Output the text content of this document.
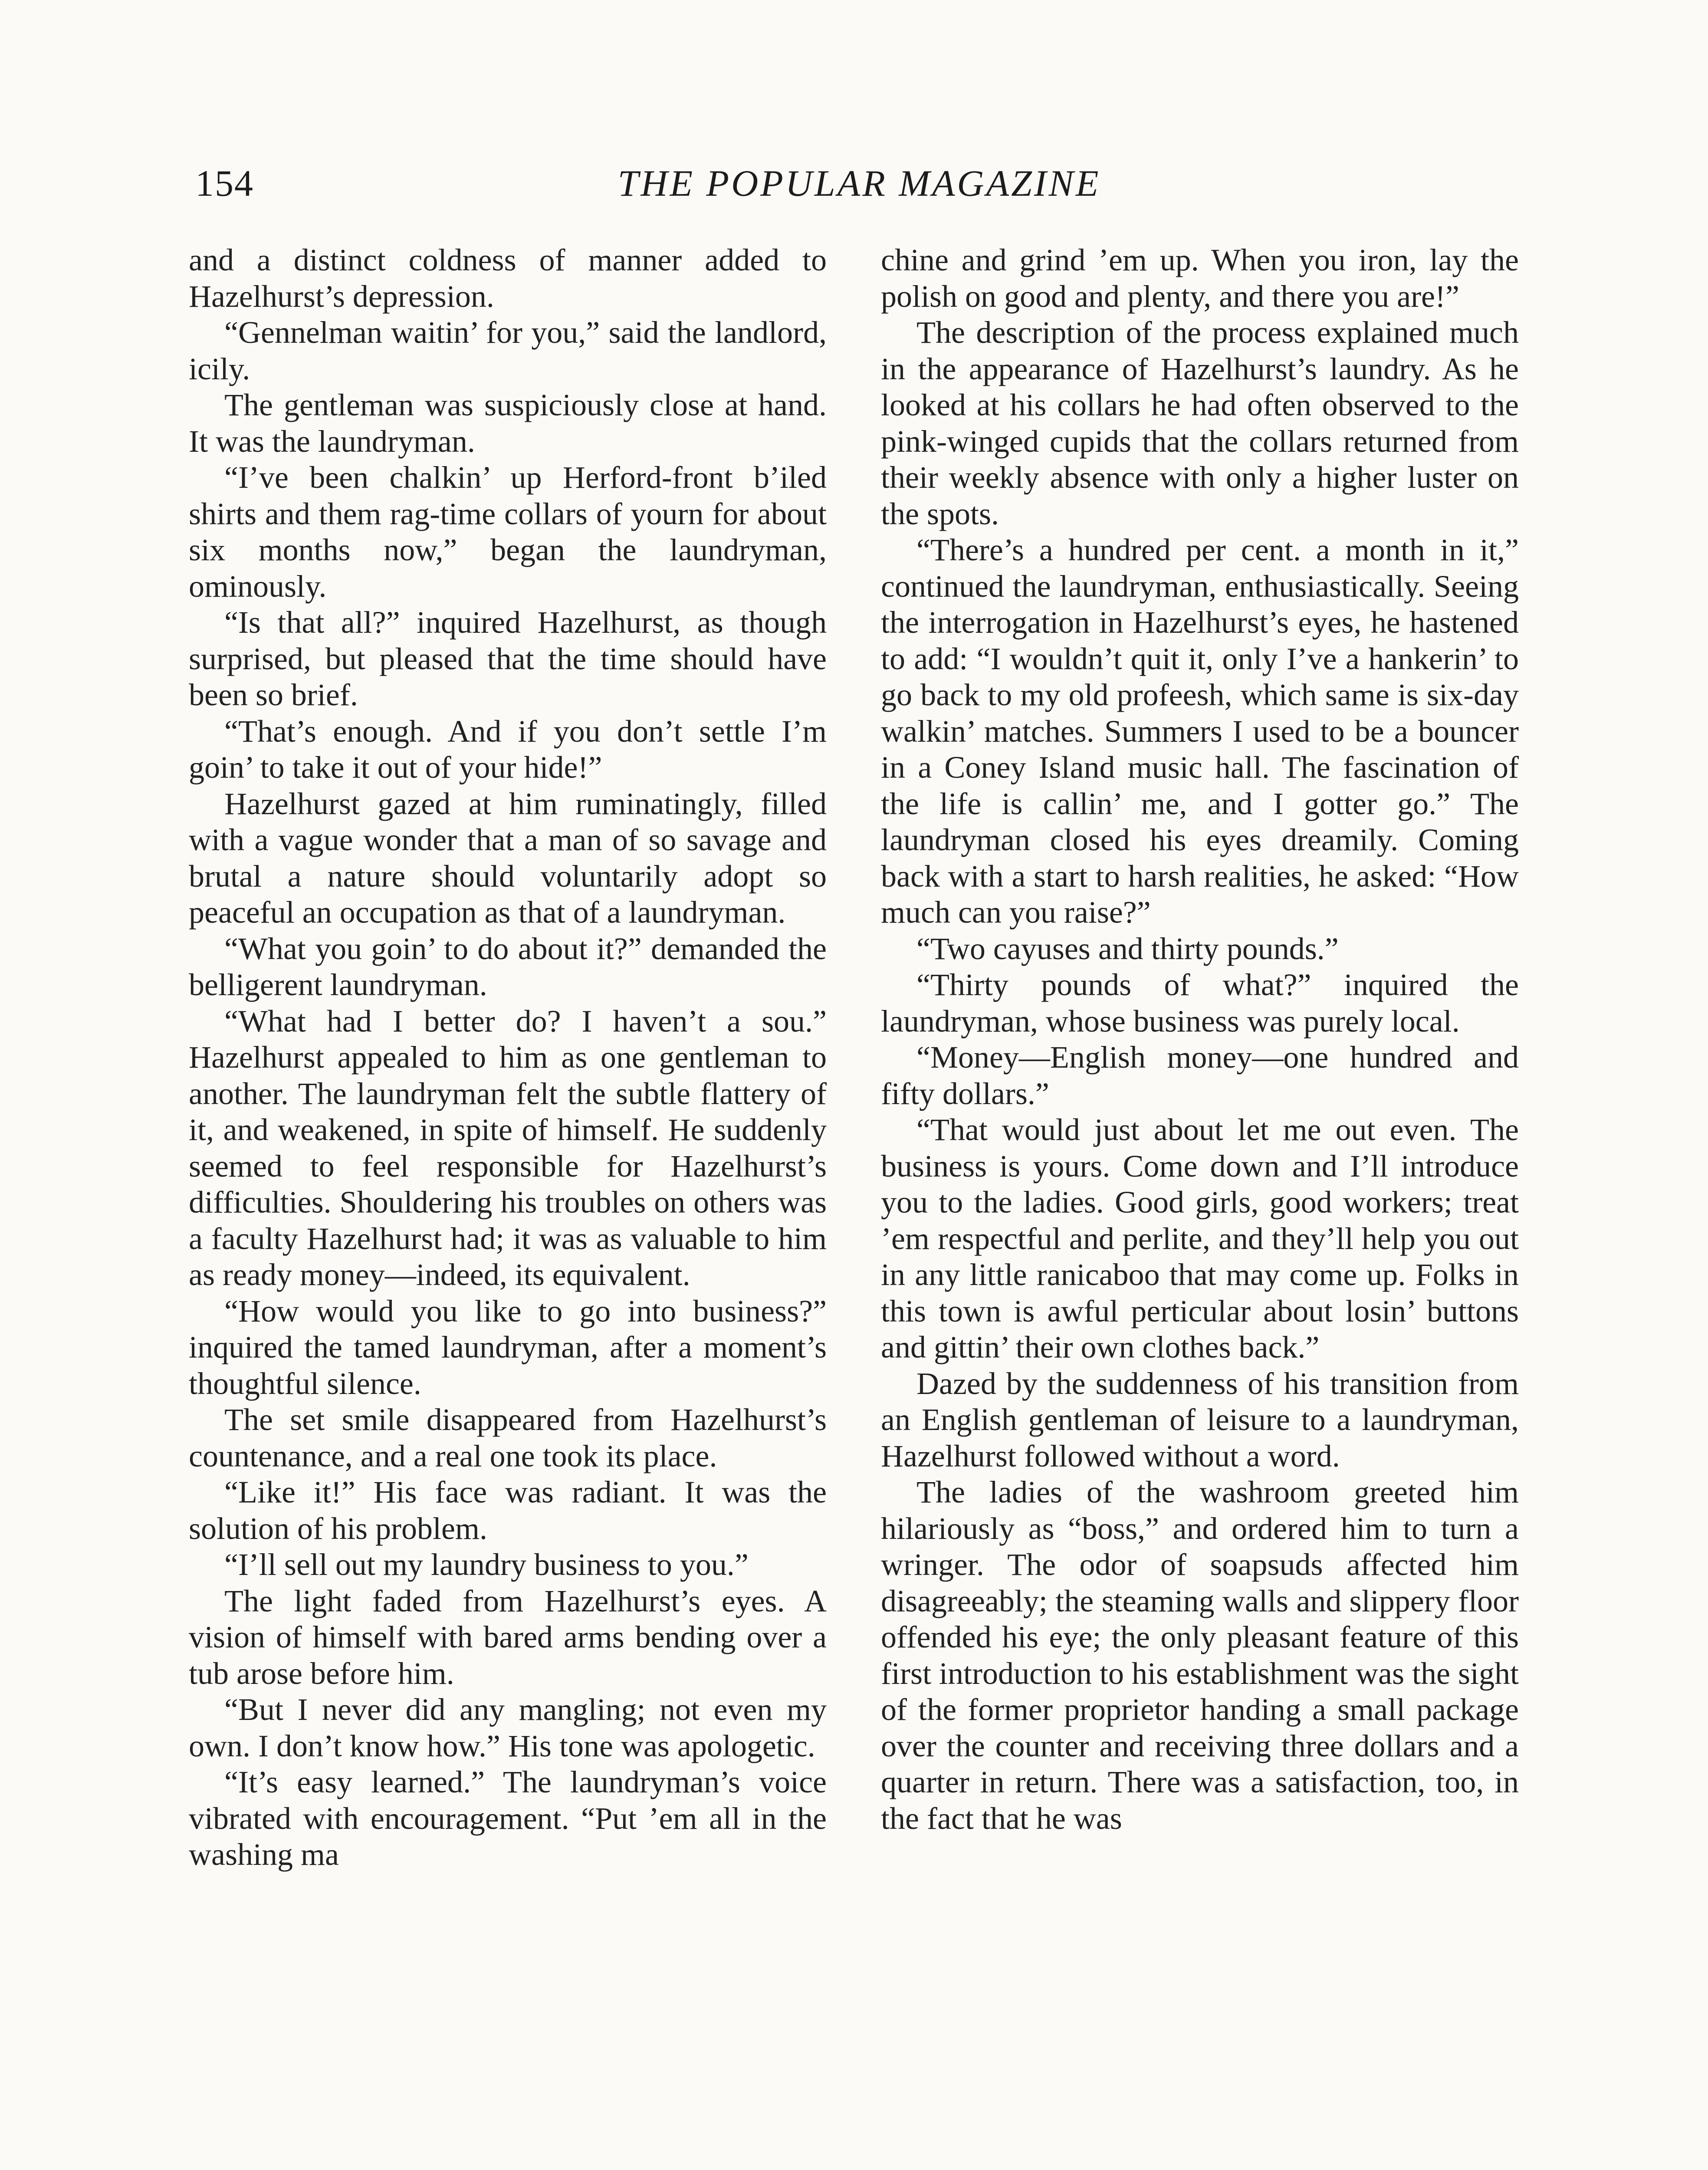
154	THE POPULAR MAGAZINE

and a distinct coldness of manner added to Hazelhurst’s depression.

“Gennelman waitin’ for you,” said the landlord, icily.

The gentleman was suspiciously close at hand. It was the laundryman.

“I’ve been chalkin’ up Herford-front b’iled shirts and them rag-time collars of yourn for about six months now,” began the laundryman, ominously.

“Is that all?” inquired Hazelhurst, as though surprised, but pleased that the time should have been so brief.

“That’s enough. And if you don’t settle I’m goin’ to take it out of your hide!”

Hazelhurst gazed at him ruminatingly, filled with a vague wonder that a man of so savage and brutal a nature should voluntarily adopt so peaceful an occupation as that of a laundryman.

“What you goin’ to do about it?” demanded the belligerent laundryman.

“What had I better do? I haven’t a sou.” Hazelhurst appealed to him as one gentleman to another. The laundryman felt the subtle flattery of it, and weakened, in spite of himself. He suddenly seemed to feel responsible for Hazelhurst’s difficulties. Shouldering his troubles on others was a faculty Hazelhurst had; it was as valuable to him as ready money—indeed, its equivalent.

“How would you like to go into business?” inquired the tamed laundryman, after a moment’s thoughtful silence.

The set smile disappeared from Hazelhurst’s countenance, and a real one took its place.

“Like it!” His face was radiant. It was the solution of his problem.

“I’ll sell out my laundry business to you.”

The light faded from Hazelhurst’s eyes. A vision of himself with bared arms bending over a tub arose before him.

“But I never did any mangling; not even my own. I don’t know how.” His tone was apologetic.

“It’s easy learned.” The laundryman’s voice vibrated with encouragement. “Put ’em all in the washing ma

chine and grind ’em up. When you iron, lay the polish on good and plenty, and there you are!”

The description of the process explained much in the appearance of Hazelhurst’s laundry. As he looked at his collars he had often observed to the pink-winged cupids that the collars returned from their weekly absence with only a higher luster on the spots.

“There’s a hundred per cent. a month in it,” continued the laundryman, enthusiastically. Seeing the interrogation in Hazelhurst’s eyes, he hastened to add: “I wouldn’t quit it, only I’ve a hankerin’ to go back to my old profeesh, which same is six-day walkin’ matches. Summers I used to be a bouncer in a Coney Island music hall. The fascination of the life is callin’ me, and I gotter go.” The laundryman closed his eyes dreamily. Coming back with a start to harsh realities, he asked: “How much can you raise?”

“Two cayuses and thirty pounds.”

“Thirty pounds of what?” inquired the laundryman, whose business was purely local.

“Money—English money—one hundred and fifty dollars.”

“That would just about let me out even. The business is yours. Come down and I’ll introduce you to the ladies. Good girls, good workers; treat ’em respectful and perlite, and they’ll help you out in any little ranicaboo that may come up. Folks in this town is awful perticular about losin’ buttons and gittin’ their own clothes back.”

Dazed by the suddenness of his transition from an English gentleman of leisure to a laundryman, Hazelhurst followed without a word.

The ladies of the washroom greeted him hilariously as “boss,” and ordered him to turn a wringer. The odor of soapsuds affected him disagreeably; the steaming walls and slippery floor offended his eye; the only pleasant feature of this first introduction to his establishment was the sight of the former proprietor handing a small package over the counter and receiving three dollars and a quarter in return. There was a satisfaction, too, in the fact that he was
